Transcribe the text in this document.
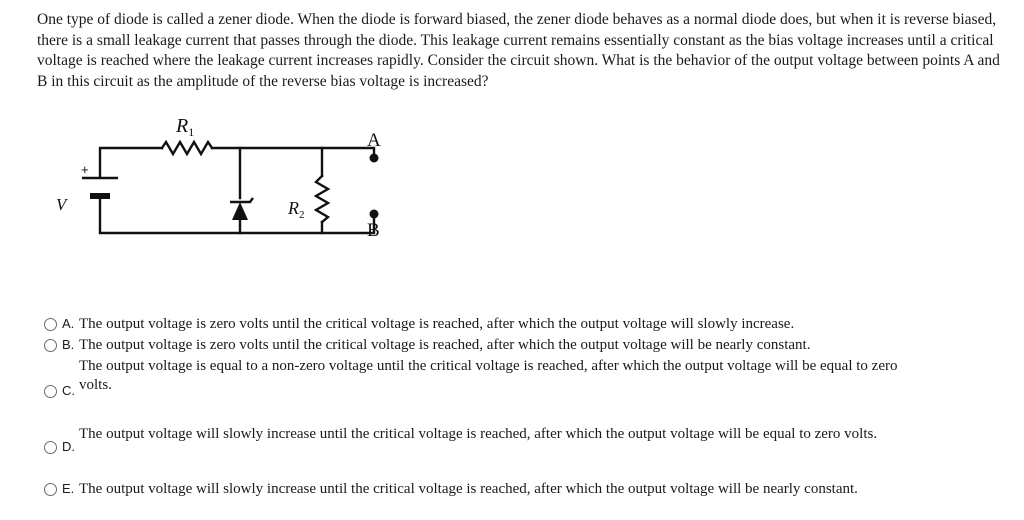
One type of diode is called a zener diode. When the diode is forward biased, the zener diode behaves as a normal diode does, but when it is reverse biased, there is a small leakage current that passes through the diode. This leakage current remains essentially constant as the bias voltage increases until a critical voltage is reached where the leakage current increases rapidly. Consider the circuit shown. What is the behavior of the output voltage between points A and B in this circuit as the amplitude of the reverse bias voltage is increased?

$R_1$
$R_2$
V
+
A
B
A. The output voltage is zero volts until the critical voltage is reached, after which the output voltage will slowly increase.
B. The output voltage is zero volts until the critical voltage is reached, after which the output voltage will be nearly constant.
C.
The output voltage is equal to a non-zero voltage until the critical voltage is reached, after which the output voltage will be equal to zero
volts.
D.
The output voltage will slowly increase until the critical voltage is reached, after which the output voltage will be equal to zero volts.
E. The output voltage will slowly increase until the critical voltage is reached, after which the output voltage will be nearly constant.
